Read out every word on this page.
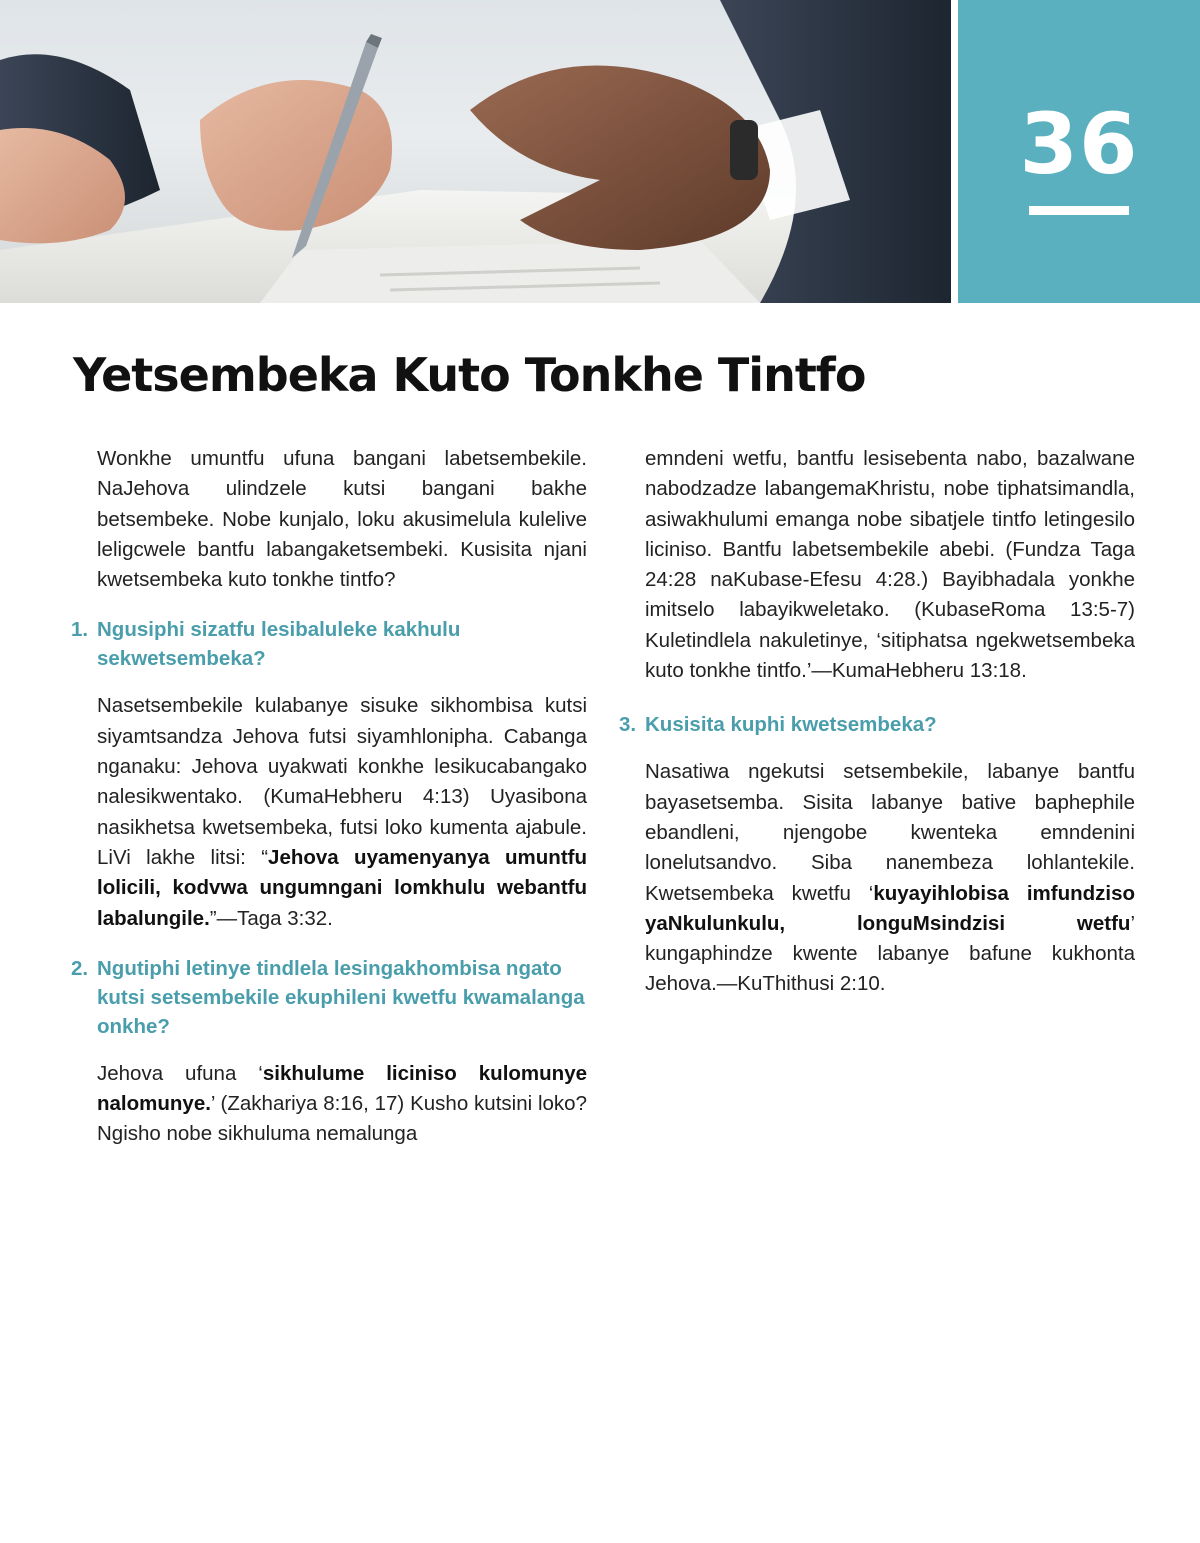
36
Yetsembeka Kuto Tonkhe Tintfo

Wonkhe umuntfu ufuna bangani labetsembekile. NaJehova ulindzele kutsi bangani bakhe betsembeke. Nobe kunjalo, loku akusimelula kulelive leligcwele bantfu labangaketsembeki. Kusisita njani kwetsembeka kuto tonkhe tintfo?

1. Ngusiphi sizatfu lesibaluleke kakhulu sekwetsembeka?

Nasetsembekile kulabanye sisuke sikhombisa kutsi siyamtsandza Jehova futsi siyamhlonipha. Cabanga nganaku: Jehova uyakwati konkhe lesikucabangako nalesikwentako. (KumaHebheru 4:13) Uyasibona nasikhetsa kwetsembeka, futsi loko kumenta ajabule. LiVi lakhe litsi: “Jehova uyamenyanya umuntfu lolicili, kodvwa ungumngani lomkhulu webantfu labalungile.”—Taga 3:32.

2. Ngutiphi letinye tindlela lesingakhombisa ngato kutsi setsembekile ekuphileni kwetfu kwamalanga onkhe?

Jehova ufuna ‘sikhulume liciniso kulomunye nalomunye.’ (Zakhariya 8:16, 17) Kusho kutsini loko? Ngisho nobe sikhuluma nemalunga

emndeni wetfu, bantfu lesisebenta nabo, bazalwane nabodzadze labangemaKhristu, nobe tiphatsimandla, asiwakhulumi emanga nobe sibatjele tintfo letingesilo liciniso. Bantfu labetsembekile abebi. (Fundza Taga 24:28 naKubase-Efesu 4:28.) Bayibhadala yonkhe imitselo labayikweletako. (KubaseRoma 13:5-7) Kuletindlela nakuletinye, ‘sitiphatsa ngekwetsembeka kuto tonkhe tintfo.’—KumaHebheru 13:18.

3. Kusisita kuphi kwetsembeka?

Nasatiwa ngekutsi setsembekile, labanye bantfu bayasetsemba. Sisita labanye bative baphephile ebandleni, njengobe kwenteka emndenini lonelutsandvo. Siba nanembeza lohlantekile. Kwetsembeka kwetfu ‘kuyayihlobisa imfundziso yaNkulunkulu, longuMsindzisi wetfu’ kungaphindze kwente labanye bafune kukhonta Jehova.—KuThithusi 2:10.
